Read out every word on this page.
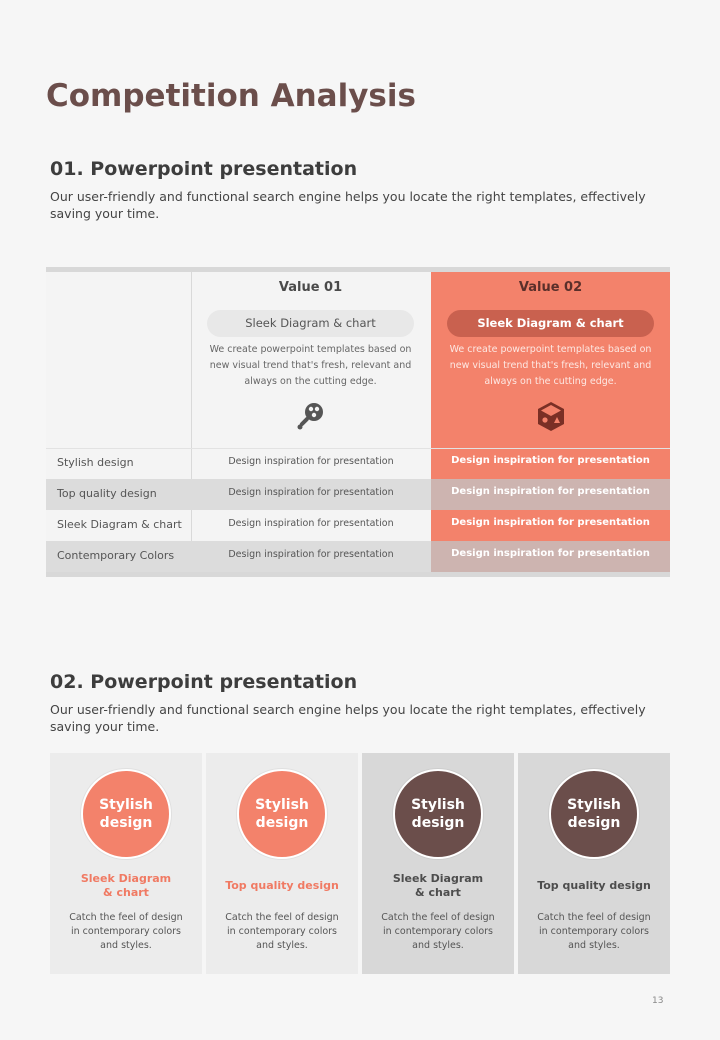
Competition Analysis
01. Powerpoint presentation
Our user-friendly and functional search engine helps you locate the right templates, effectively saving your time.
Value 01
Sleek Diagram & chart
We create powerpoint templates based on new visual trend that's fresh, relevant and always on the cutting edge.
Value 02
Sleek Diagram & chart
We create powerpoint templates based on new visual trend that's fresh, relevant and always on the cutting edge.
Stylish design	Design inspiration for presentation	Design inspiration for presentation
Top quality design	Design inspiration for presentation	Design inspiration for presentation
Sleek Diagram & chart	Design inspiration for presentation	Design inspiration for presentation
Contemporary Colors	Design inspiration for presentation	Design inspiration for presentation
02. Powerpoint presentation
Our user-friendly and functional search engine helps you locate the right templates, effectively saving your time.
Stylish
design
Sleek Diagram
& chart
Catch the feel of design in contemporary colors and styles.
Stylish
design
Top quality design
Catch the feel of design in contemporary colors and styles.
Stylish
design
Sleek Diagram
& chart
Catch the feel of design in contemporary colors and styles.
Stylish
design
Top quality design
Catch the feel of design in contemporary colors and styles.
13
